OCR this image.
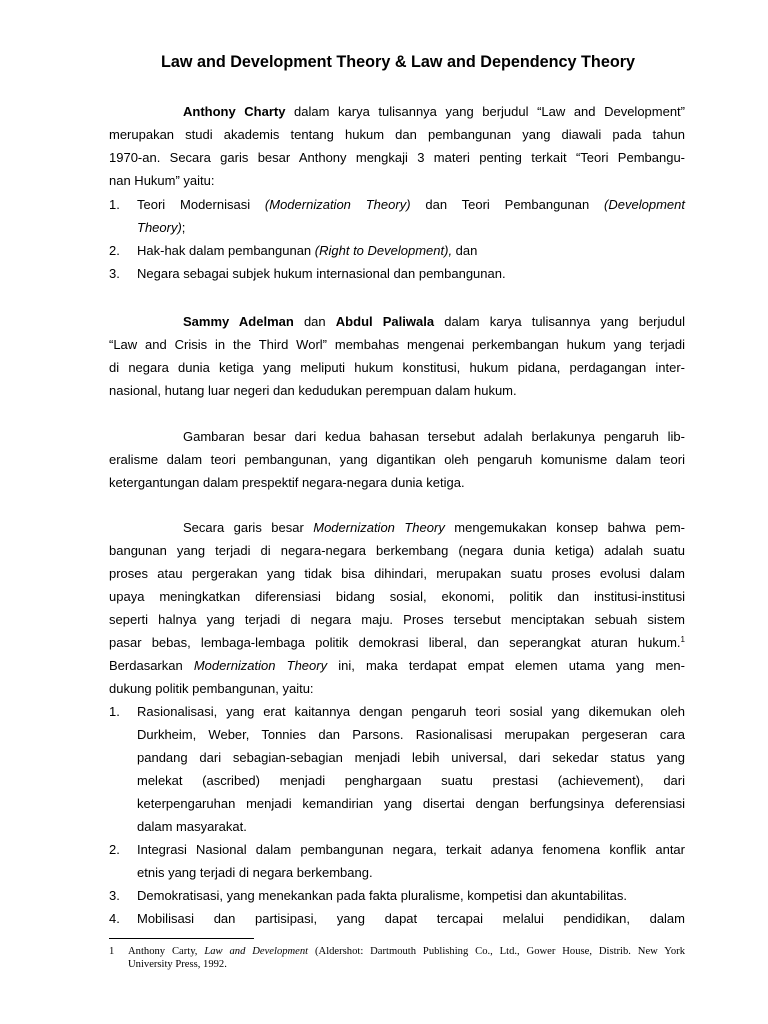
Law and Development Theory & Law and Dependency Theory
Anthony Charty dalam karya tulisannya yang berjudul “Law and Development”
merupakan studi akademis tentang hukum dan pembangunan yang diawali pada tahun
1970-an. Secara garis besar Anthony mengkaji 3 materi penting terkait “Teori Pembangu-
nan Hukum” yaitu:
1. Teori Modernisasi (Modernization Theory) dan Teori Pembangunan (Development
Theory);
2. Hak-hak dalam pembangunan (Right to Development), dan
3. Negara sebagai subjek hukum internasional dan pembangunan.
Sammy Adelman dan Abdul Paliwala dalam karya tulisannya yang berjudul
“Law and Crisis in the Third Worl” membahas mengenai perkembangan hukum yang terjadi
di negara dunia ketiga yang meliputi hukum konstitusi, hukum pidana, perdagangan inter-
nasional, hutang luar negeri dan kedudukan perempuan dalam hukum.
Gambaran besar dari kedua bahasan tersebut adalah berlakunya pengaruh lib-
eralisme dalam teori pembangunan, yang digantikan oleh pengaruh komunisme dalam teori
ketergantungan dalam prespektif negara-negara dunia ketiga.
Secara garis besar Modernization Theory mengemukakan konsep bahwa pem-
bangunan yang terjadi di negara-negara berkembang (negara dunia ketiga) adalah suatu
proses atau pergerakan yang tidak bisa dihindari, merupakan suatu proses evolusi dalam
upaya meningkatkan diferensiasi bidang sosial, ekonomi, politik dan institusi-institusi
seperti halnya yang terjadi di negara maju. Proses tersebut menciptakan sebuah sistem
pasar bebas, lembaga-lembaga politik demokrasi liberal, dan seperangkat aturan hukum.$^1$
Berdasarkan Modernization Theory ini, maka terdapat empat elemen utama yang men-
dukung politik pembangunan, yaitu:
1. Rasionalisasi, yang erat kaitannya dengan pengaruh teori sosial yang dikemukan oleh
Durkheim, Weber, Tonnies dan Parsons. Rasionalisasi merupakan pergeseran cara
pandang dari sebagian-sebagian menjadi lebih universal, dari sekedar status yang
melekat (ascribed) menjadi penghargaan suatu prestasi (achievement), dari
keterpengaruhan menjadi kemandirian yang disertai dengan berfungsinya deferensiasi
dalam masyarakat.
2. Integrasi Nasional dalam pembangunan negara, terkait adanya fenomena konflik antar
etnis yang terjadi di negara berkembang.
3. Demokratisasi, yang menekankan pada fakta pluralisme, kompetisi dan akuntabilitas.
4. Mobilisasi dan partisipasi, yang dapat tercapai melalui pendidikan, dalam
1 Anthony Carty, Law and Development (Aldershot: Dartmouth Publishing Co., Ltd., Gower House, Distrib. New York
University Press, 1992.
